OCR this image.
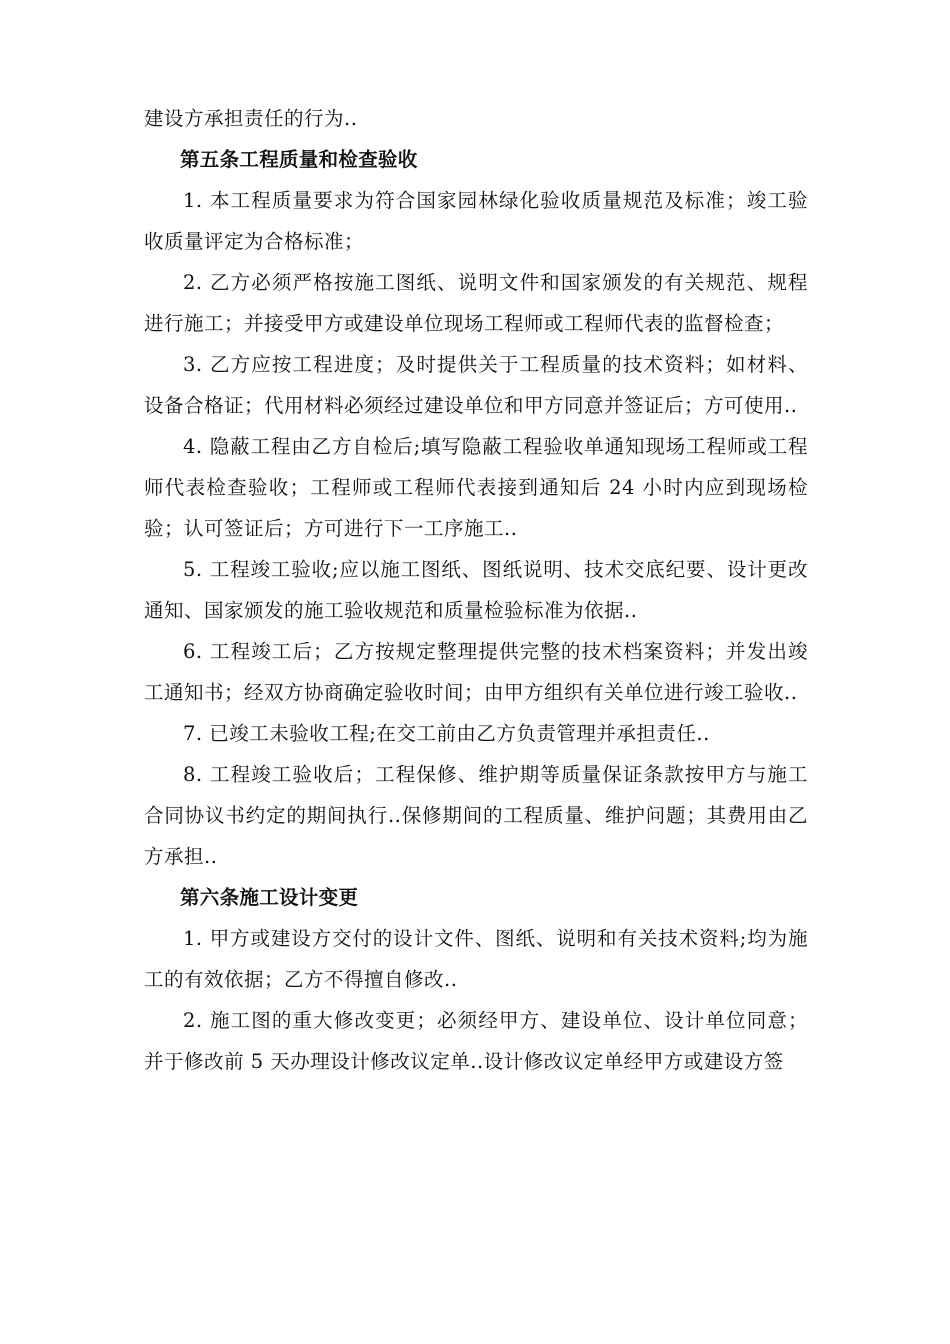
建设方承担责任的行为..

第五条工程质量和检查验收

1. 本工程质量要求为符合国家园林绿化验收质量规范及标准；竣工验收质量评定为合格标准；

2. 乙方必须严格按施工图纸、说明文件和国家颁发的有关规范、规程进行施工；并接受甲方或建设单位现场工程师或工程师代表的监督检查；

3. 乙方应按工程进度；及时提供关于工程质量的技术资料；如材料、设备合格证；代用材料必须经过建设单位和甲方同意并签证后；方可使用..

4. 隐蔽工程由乙方自检后;填写隐蔽工程验收单通知现场工程师或工程师代表检查验收；工程师或工程师代表接到通知后 24 小时内应到现场检验；认可签证后；方可进行下一工序施工..

5. 工程竣工验收;应以施工图纸、图纸说明、技术交底纪要、设计更改通知、国家颁发的施工验收规范和质量检验标准为依据..

6. 工程竣工后；乙方按规定整理提供完整的技术档案资料；并发出竣工通知书；经双方协商确定验收时间；由甲方组织有关单位进行竣工验收..

7. 已竣工未验收工程;在交工前由乙方负责管理并承担责任..

8. 工程竣工验收后；工程保修、维护期等质量保证条款按甲方与施工合同协议书约定的期间执行..保修期间的工程质量、维护问题；其费用由乙方承担..

第六条施工设计变更

1. 甲方或建设方交付的设计文件、图纸、说明和有关技术资料;均为施工的有效依据；乙方不得擅自修改..

2. 施工图的重大修改变更；必须经甲方、建设单位、设计单位同意；并于修改前 5 天办理设计修改议定单..设计修改议定单经甲方或建设方签
